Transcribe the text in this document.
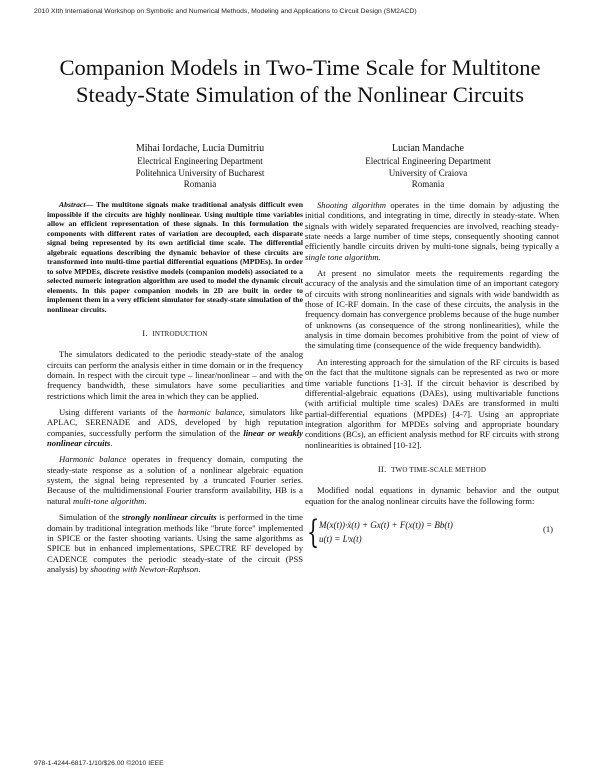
2010 XIth International Workshop on Symbolic and Numerical Methods, Modeling and Applications to Circuit Design (SM2ACD)
Companion Models in Two-Time Scale for Multitone
Steady-State Simulation of the Nonlinear Circuits
Mihai Iordache, Lucia Dumitriu
Electrical Engineering Department
Politehnica University of Bucharest
Romania
Lucian Mandache
Electrical Engineering Department
University of Craiova
Romania

Abstract— The multitone signals make traditional analysis difficult even impossible if the circuits are highly nonlinear. Using multiple time variables allow an efficient representation of these signals. In this formulation the components with different rates of variation are decoupled, each disparate signal being represented by its own artificial time scale. The differential algebraic equations describing the dynamic behavior of these circuits are transformed into multi-time partial differential equations (MPDEs). In order to solve MPDEs, discrete resistive models (companion models) associated to a selected numeric integration algorithm are used to model the dynamic circuit elements. In this paper companion models in 2D are built in order to implement them in a very efficient simulator for steady-state simulation of the nonlinear circuits.

I. INTRODUCTION

The simulators dedicated to the periodic steady-state of the analog circuits can perform the analysis either in time domain or in the frequency domain. In respect with the circuit type – linear/nonlinear – and with the frequency bandwidth, these simulators have some peculiarities and restrictions which limit the area in which they can be applied.

Using different variants of the harmonic balance, simulators like APLAC, SERENADE and ADS, developed by high reputation companies, successfully perform the simulation of the linear or weakly nonlinear circuits.

Harmonic balance operates in frequency domain, computing the steady-state response as a solution of a nonlinear algebraic equation system, the signal being represented by a truncated Fourier series. Because of the multidimensional Fourier transform availability, HB is a natural multi-tone algorithm.

Simulation of the strongly nonlinear circuits is performed in the time domain by traditional integration methods like "brute force" implemented in SPICE or the faster shooting variants. Using the same algorithms as SPICE but in enhanced implementations, SPECTRE RF developed by CADENCE computes the periodic steady-state of the circuit (PSS analysis) by shooting with Newton-Raphson.

Shooting algorithm operates in the time domain by adjusting the initial conditions, and integrating in time, directly in steady-state. When signals with widely separated frequencies are involved, reaching steady-state needs a large number of time steps, consequently shooting cannot efficiently handle circuits driven by multi-tone signals, being typically a single tone algorithm.

At present no simulator meets the requirements regarding the accuracy of the analysis and the simulation time of an important category of circuits with strong nonlinearities and signals with wide bandwidth as those of IC-RF domain. In the case of these circuits, the analysis in the frequency domain has convergence problems because of the huge number of unknowns (as consequence of the strong nonlinearities), while the analysis in time domain becomes prohibitive from the point of view of the simulating time (consequence of the wide frequency bandwidth).

An interesting approach for the simulation of the RF circuits is based on the fact that the multitone signals can be represented as two or more time variable functions [1-3]. If the circuit behavior is described by differential-algebraic equations (DAEs), using multivariable functions (with artificial multiple time scales) DAEs are transformed in multi partial-differential equations (MPDEs) [4-7]. Using an appropriate integration algorithm for MPDEs solving and appropriate boundary conditions (BCs), an efficient analysis method for RF circuits with strong nonlinearities is obtained [10-12].

II. TWO TIME-SCALE METHOD

Modified nodal equations in dynamic behavior and the output equation for the analog nonlinear circuits have the following form:

{ M(x(t))·ẋ(t) + Gx(t) + F(x(t)) = Bb(t)
u(t) = Lᵗx(t)
(1)
978-1-4244-6817-1/10/$26.00 ©2010 IEEE
